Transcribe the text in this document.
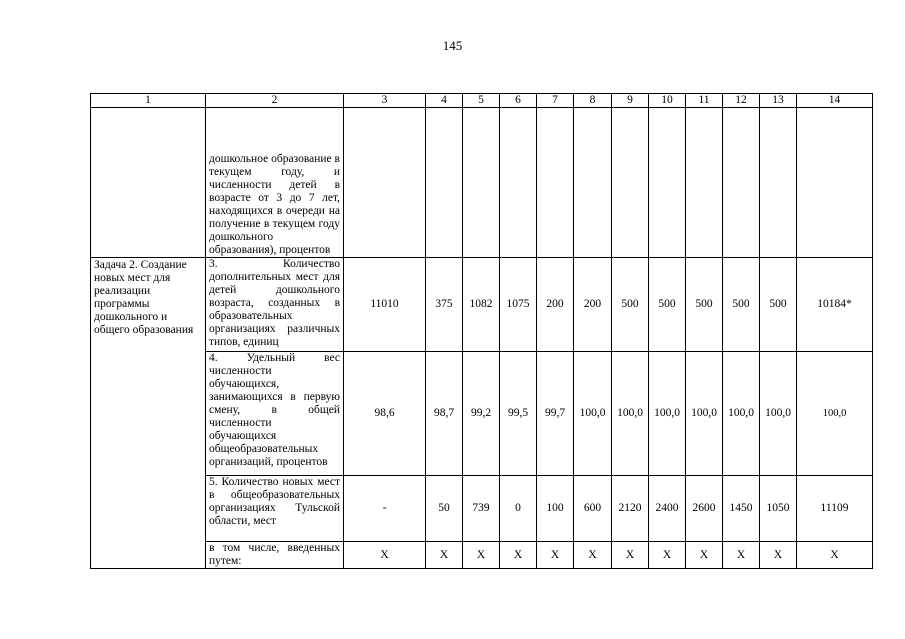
145
1	2	3	4	5	6	7	8	9	10	11	12	13	14
	дошкольное образование в текущем году, и численности детей в возрасте от 3 до 7 лет, находящихся в очереди на получение в текущем году дошкольного образования), процентов												
Задача 2. Создание новых мест для реализации программы дошкольного и общего образования	3. Количество дополнительных мест для детей дошкольного возраста, созданных в образовательных организациях различных типов, единиц	11010	375	1082	1075	200	200	500	500	500	500	500	10184*
	4. Удельный вес численности обучающихся, занимающихся в первую смену, в общей численности обучающихся общеобразовательных организаций, процентов	98,6	98,7	99,2	99,5	99,7	100,0	100,0	100,0	100,0	100,0	100,0	100,0
	5. Количество новых мест в общеобразовательных организациях Тульской области, мест	-	50	739	0	100	600	2120	2400	2600	1450	1050	11109
	в том числе, введенных путем:	X	X	X	X	X	X	X	X	X	X	X	X
